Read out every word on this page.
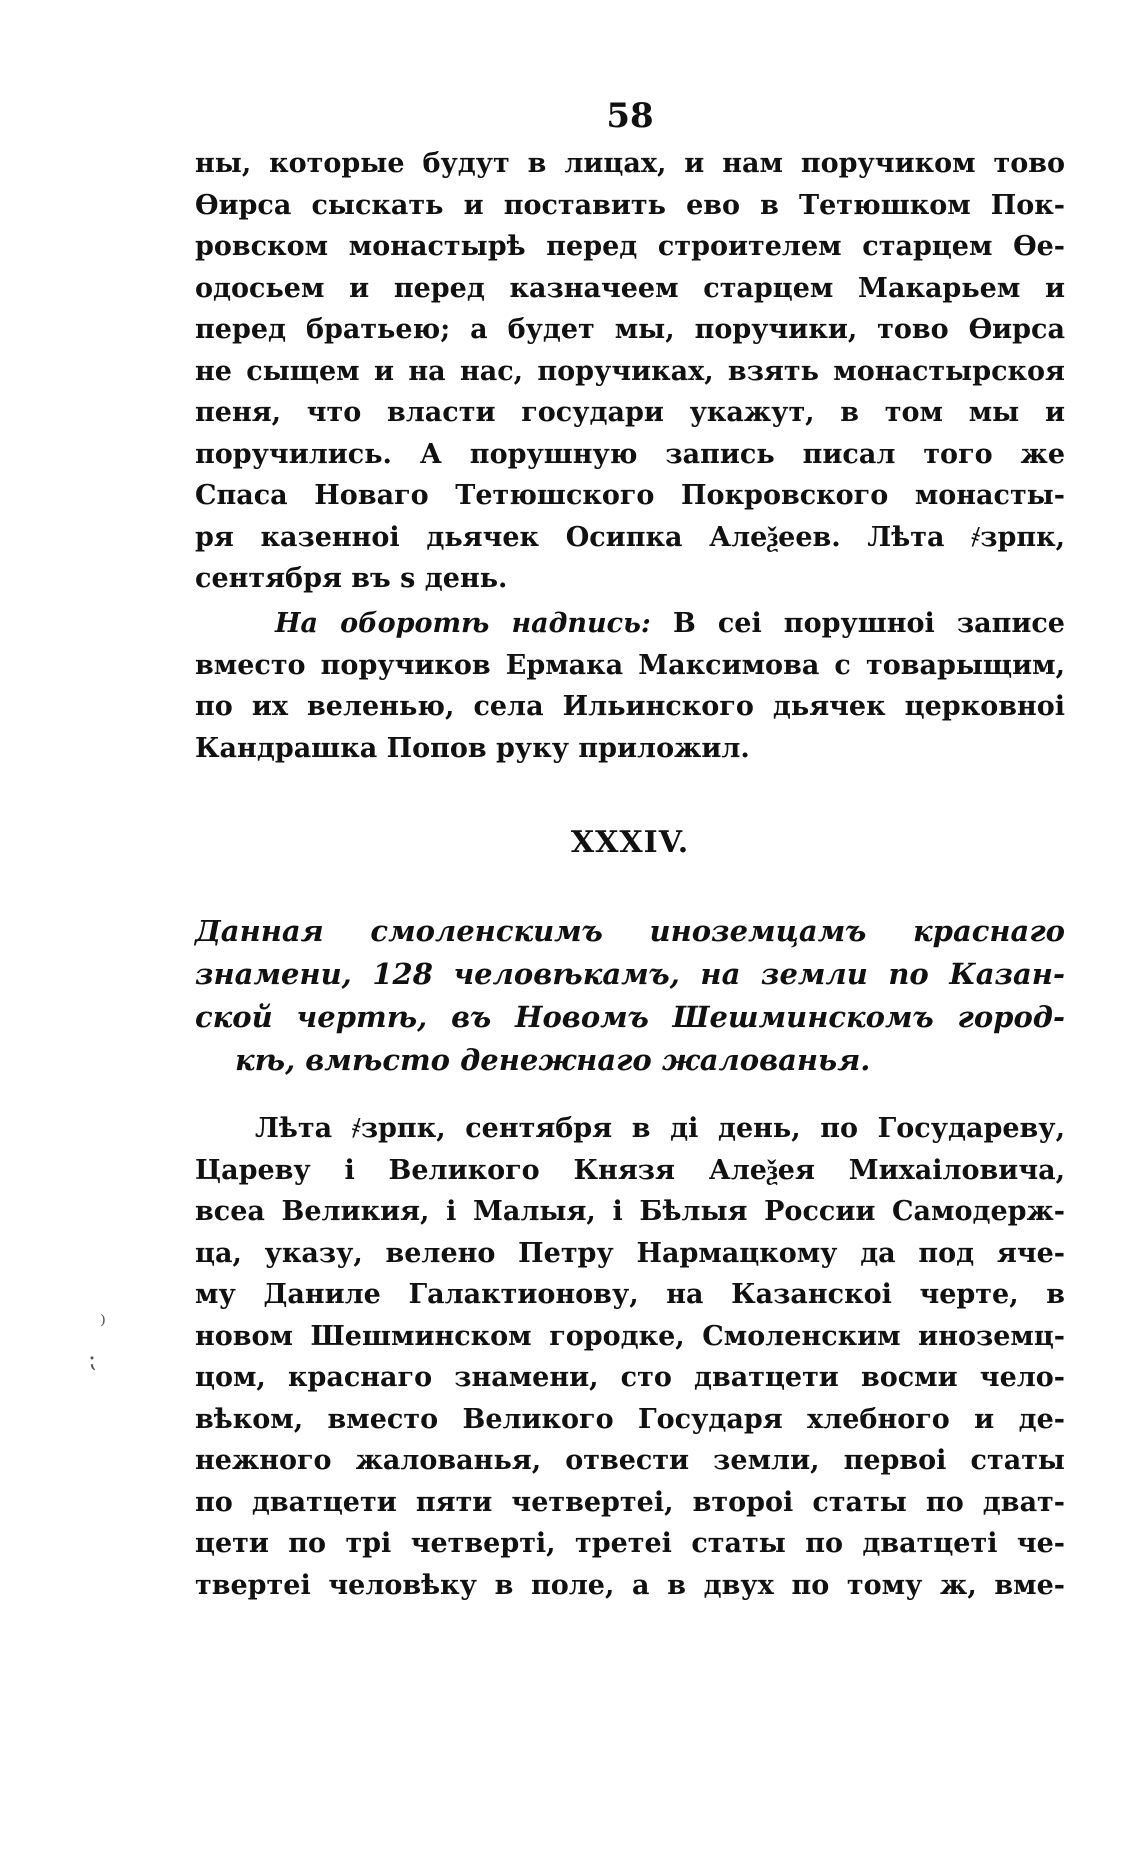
58
ны, которые будут в лицах, и нам поручиком тово
Ѳирса сыскать и поставить ево в Тетюшком Пок-
ровском монастырѣ перед строителем старцем Ѳе-
одосьем и перед казначеем старцем Макарьем и
перед братьею; а будет мы, поручики, тово Ѳирса
не сыщем и на нас, поручиках, взять монастырскоя
пеня, что власти государи укажут, в том мы и
поручились. А порушную запись писал того же
Спаса Новаго Тетюшского Покровского монасты-
ря казенноі дьячек Осипка Алеѯеев. Лѣта ҂зрпк,
сентября въ ѕ день.
На оборотѣ надпись: В сеі порушноі записе
вместо поручиков Ермака Максимова с товарыщим,
по их веленью, села Ильинского дьячек церковноі
Кандрашка Попов руку приложил.
XXXIV.
Данная смоленскимъ иноземцамъ краснаго
знамени, 128 человѣкамъ, на земли по Казан-
ской чертѣ, въ Новомъ Шешминскомъ город-
кѣ, вмѣсто денежнаго жалованья.
Лѣта ҂зрпк, сентября в ді день, по Государеву,
Цареву і Великого Князя Алеѯея Михаіловича,
всеа Великия, і Малыя, і Бѣлыя России Самодерж-
ца, указу, велено Петру Нармацкому да под яче-
му Даниле Галактионову, на Казанскоі черте, в
новом Шешминском городке, Смоленским иноземц-
цом, краснаго знамени, сто дватцети восми чело-
вѣком, вместо Великого Государя хлебного и де-
нежного жалованья, отвести земли, первоі статы
по дватцети пяти четвертеі, второі статы по дват-
цети по трі четверті, третеі статы по дватцеті че-
твертеі человѣку в поле, а в двух по тому ж, вме-
⁾
⁏
